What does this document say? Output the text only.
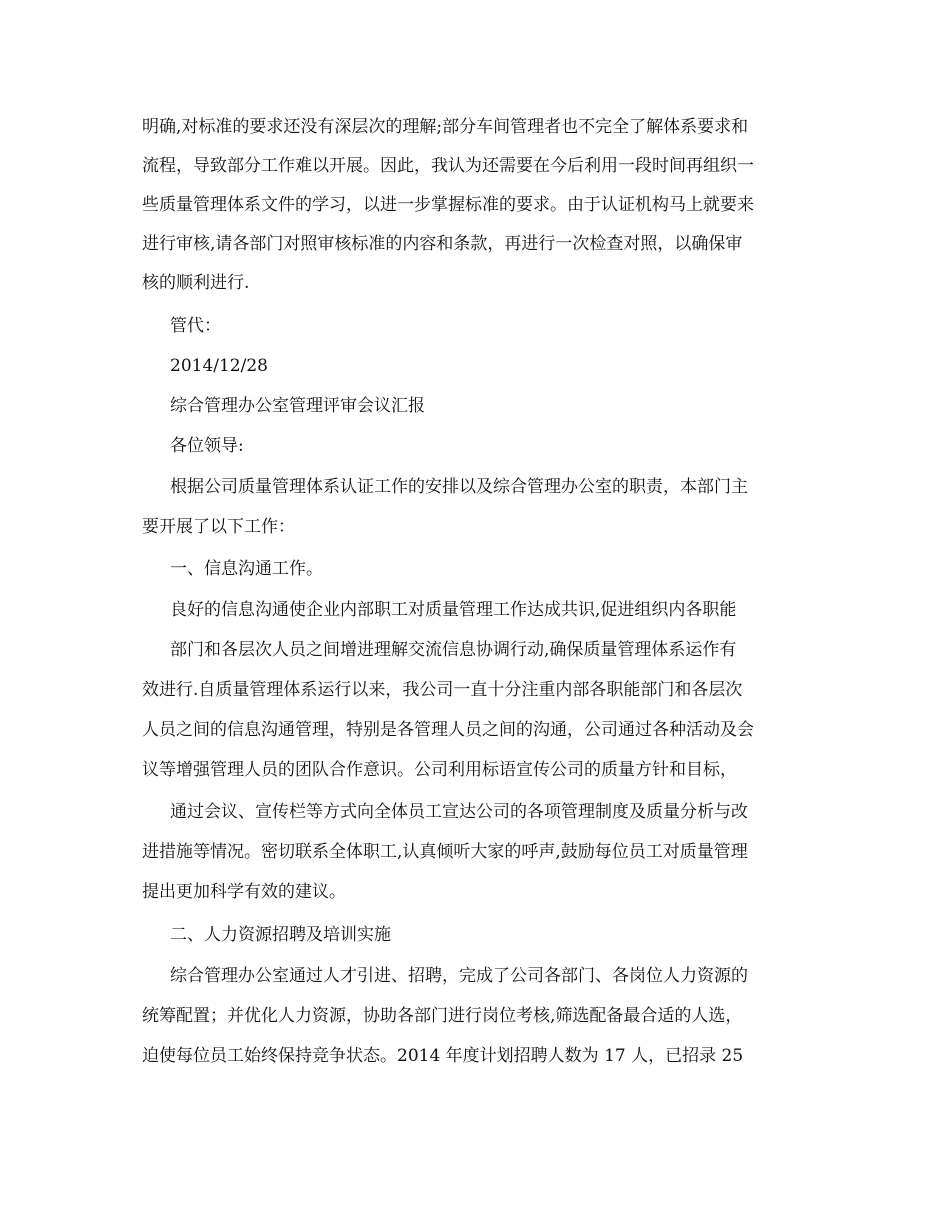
明确,对标准的要求还没有深层次的理解;部分车间管理者也不完全了解体系要求和
流程，导致部分工作难以开展。因此，我认为还需要在今后利用一段时间再组织一
些质量管理体系文件的学习，以进一步掌握标准的要求。由于认证机构马上就要来
进行审核,请各部门对照审核标准的内容和条款，再进行一次检查对照，以确保审
核的顺利进行.
管代：
2014/12/28
综合管理办公室管理评审会议汇报
各位领导:
根据公司质量管理体系认证工作的安排以及综合管理办公室的职责，本部门主
要开展了以下工作：
一、信息沟通工作。
良好的信息沟通使企业内部职工对质量管理工作达成共识,促进组织内各职能
部门和各层次人员之间增进理解交流信息协调行动,确保质量管理体系运作有
效进行.自质量管理体系运行以来，我公司一直十分注重内部各职能部门和各层次
人员之间的信息沟通管理，特别是各管理人员之间的沟通，公司通过各种活动及会
议等增强管理人员的团队合作意识。公司利用标语宣传公司的质量方针和目标，
通过会议、宣传栏等方式向全体员工宣达公司的各项管理制度及质量分析与改
进措施等情况。密切联系全体职工,认真倾听大家的呼声,鼓励每位员工对质量管理
提出更加科学有效的建议。
二、人力资源招聘及培训实施
综合管理办公室通过人才引进、招聘，完成了公司各部门、各岗位人力资源的
统筹配置；并优化人力资源，协助各部门进行岗位考核,筛选配备最合适的人选，
迫使每位员工始终保持竞争状态。2014 年度计划招聘人数为 17 人，已招录 25
